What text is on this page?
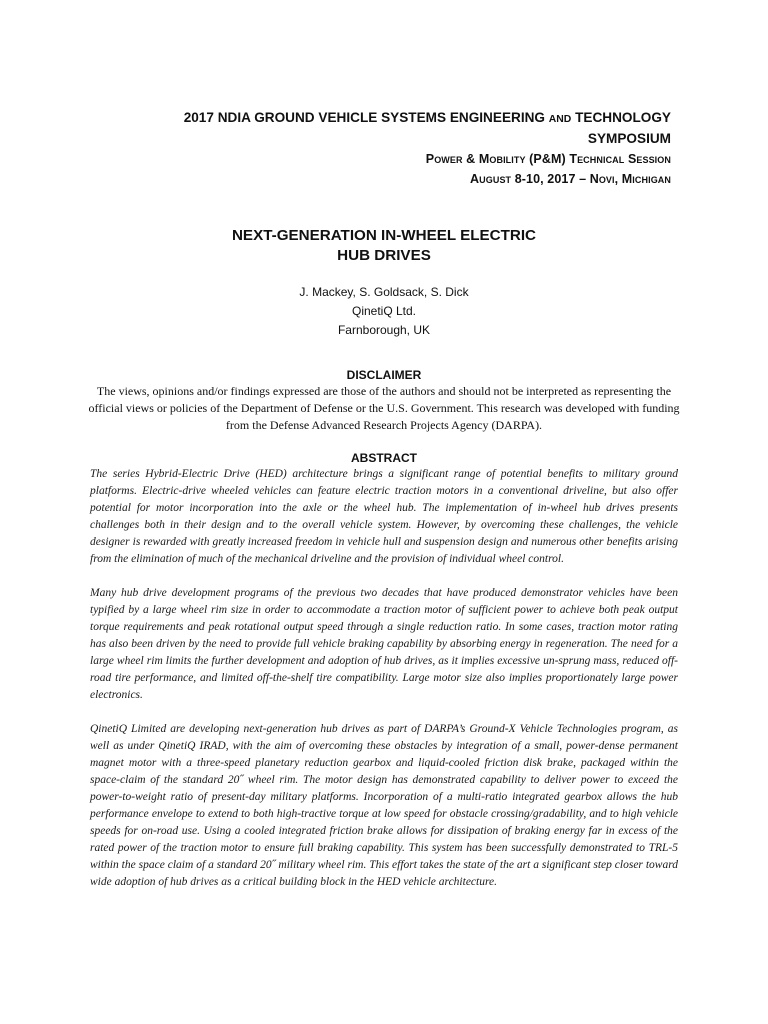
2017 NDIA GROUND VEHICLE SYSTEMS ENGINEERING AND TECHNOLOGY
SYMPOSIUM
Power & Mobility (P&M) Technical Session
August 8-10, 2017 – Novi, Michigan
NEXT-GENERATION IN-WHEEL ELECTRIC
HUB DRIVES
J. Mackey, S. Goldsack, S. Dick
QinetiQ Ltd.
Farnborough, UK
DISCLAIMER
The views, opinions and/or findings expressed are those of the authors and should not be interpreted as representing the official views or policies of the Department of Defense or the U.S. Government. This research was developed with funding from the Defense Advanced Research Projects Agency (DARPA).
ABSTRACT

The series Hybrid-Electric Drive (HED) architecture brings a significant range of potential benefits to military ground platforms. Electric-drive wheeled vehicles can feature electric traction motors in a conventional driveline, but also offer potential for motor incorporation into the axle or the wheel hub. The implementation of in-wheel hub drives presents challenges both in their design and to the overall vehicle system. However, by overcoming these challenges, the vehicle designer is rewarded with greatly increased freedom in vehicle hull and suspension design and numerous other benefits arising from the elimination of much of the mechanical driveline and the provision of individual wheel control.

Many hub drive development programs of the previous two decades that have produced demonstrator vehicles have been typified by a large wheel rim size in order to accommodate a traction motor of sufficient power to achieve both peak output torque requirements and peak rotational output speed through a single reduction ratio. In some cases, traction motor rating has also been driven by the need to provide full vehicle braking capability by absorbing energy in regeneration. The need for a large wheel rim limits the further development and adoption of hub drives, as it implies excessive un-sprung mass, reduced off-road tire performance, and limited off-the-shelf tire compatibility. Large motor size also implies proportionately large power electronics.

QinetiQ Limited are developing next-generation hub drives as part of DARPA’s Ground-X Vehicle Technologies program, as well as under QinetiQ IRAD, with the aim of overcoming these obstacles by integration of a small, power-dense permanent magnet motor with a three-speed planetary reduction gearbox and liquid-cooled friction disk brake, packaged within the space-claim of the standard 20˝ wheel rim. The motor design has demonstrated capability to deliver power to exceed the power-to-weight ratio of present-day military platforms. Incorporation of a multi-ratio integrated gearbox allows the hub performance envelope to extend to both high-tractive torque at low speed for obstacle crossing/gradability, and to high vehicle speeds for on-road use. Using a cooled integrated friction brake allows for dissipation of braking energy far in excess of the rated power of the traction motor to ensure full braking capability. This system has been successfully demonstrated to TRL-5 within the space claim of a standard 20˝ military wheel rim. This effort takes the state of the art a significant step closer toward wide adoption of hub drives as a critical building block in the HED vehicle architecture.
